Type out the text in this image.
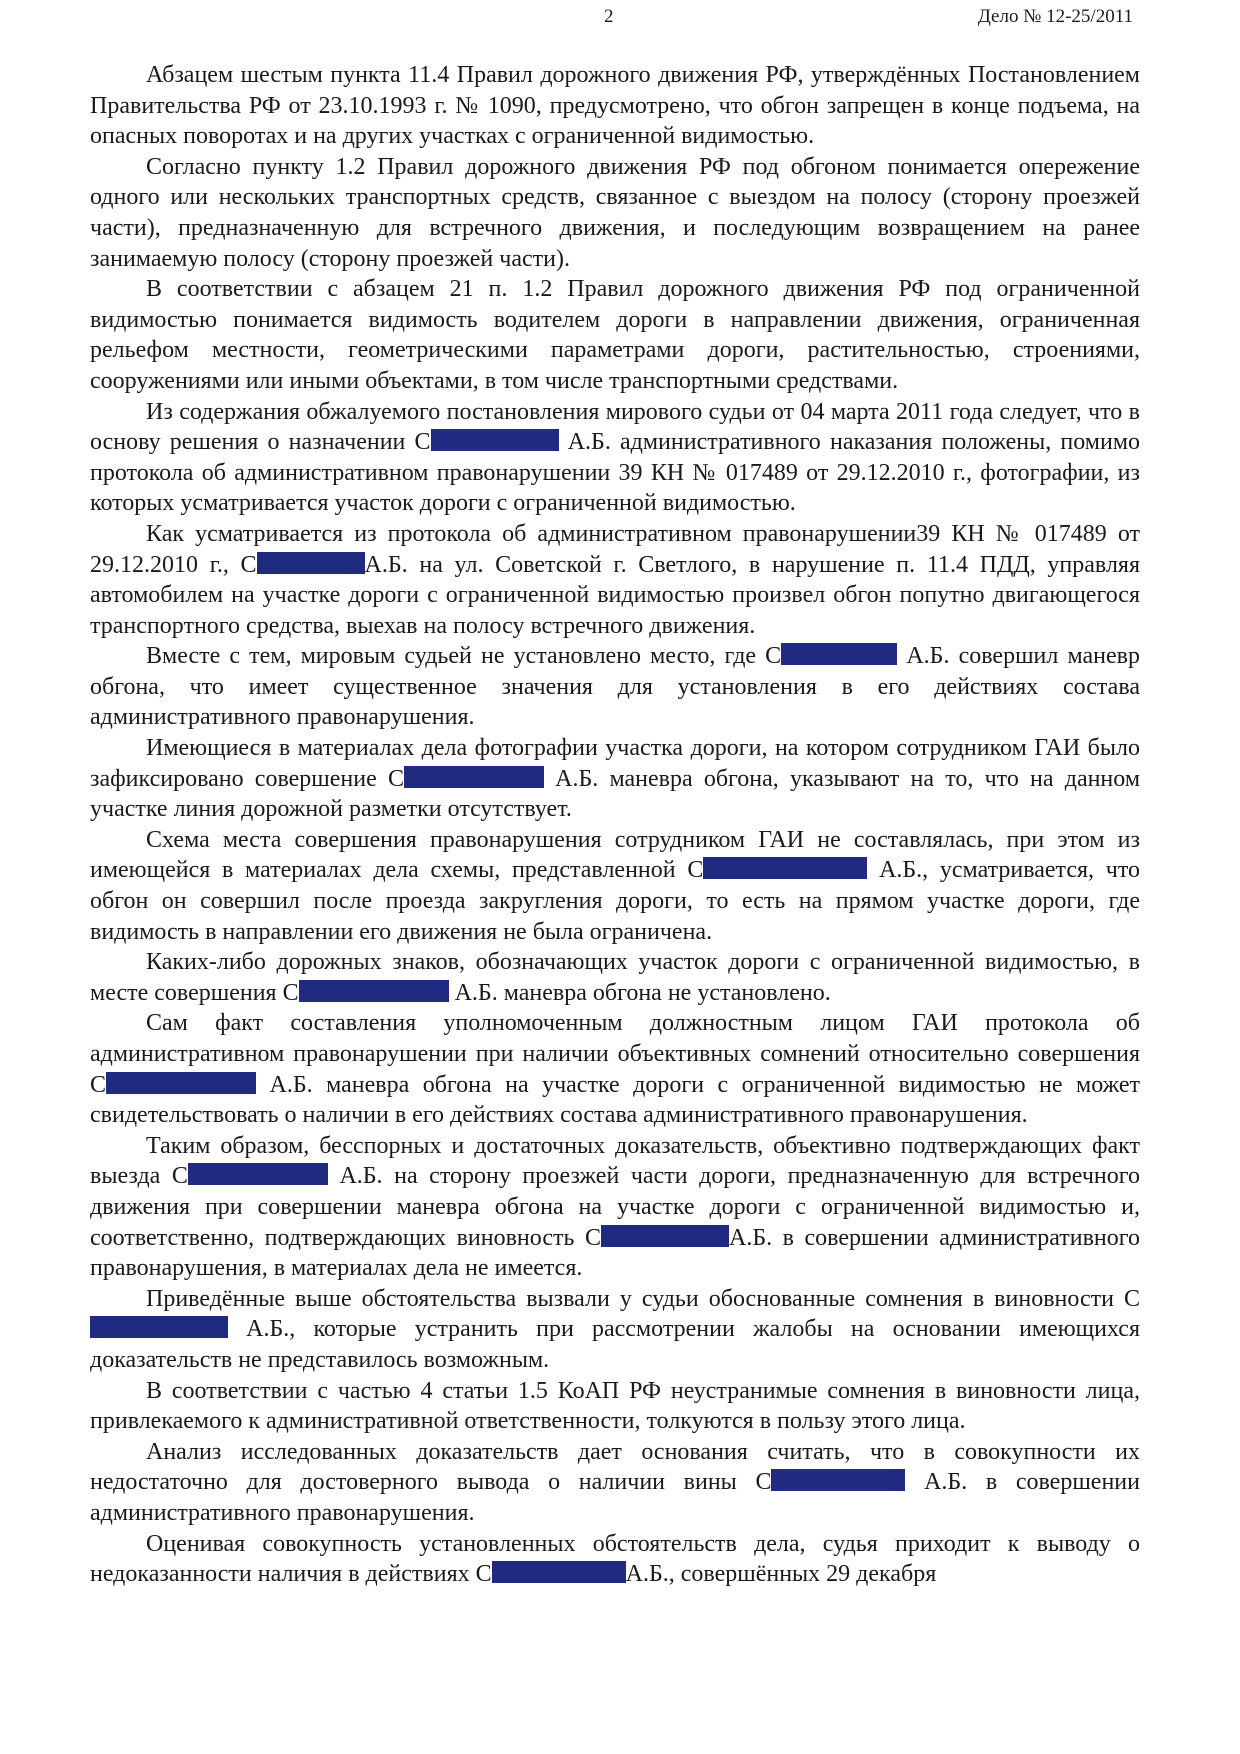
2	Дело № 12-25/2011

Абзацем шестым пункта 11.4 Правил дорожного движения РФ, утверждённых Постановлением Правительства РФ от 23.10.1993 г. № 1090, предусмотрено, что обгон запрещен в конце подъема, на опасных поворотах и на других участках с ограниченной видимостью.

Согласно пункту 1.2 Правил дорожного движения РФ под обгоном понимается опережение одного или нескольких транспортных средств, связанное с выездом на полосу (сторону проезжей части), предназначенную для встречного движения, и последующим возвращением на ранее занимаемую полосу (сторону проезжей части).

В соответствии с абзацем 21 п. 1.2 Правил дорожного движения РФ под ограниченной видимостью понимается видимость водителем дороги в направлении движения, ограниченная рельефом местности, геометрическими параметрами дороги, растительностью, строениями, сооружениями или иными объектами, в том числе транспортными средствами.

Из содержания обжалуемого постановления мирового судьи от 04 марта 2011 года следует, что в основу решения о назначении С	А.Б. административного наказания положены, помимо протокола об административном правонарушении 39 КН № 017489 от 29.12.2010 г., фотографии, из которых усматривается участок дороги с ограниченной видимостью.

Как усматривается из протокола об административном правонарушении39 КН № 017489 от 29.12.2010 г., С	А.Б. на ул. Советской г. Светлого, в нарушение п. 11.4 ПДД, управляя автомобилем на участке дороги с ограниченной видимостью произвел обгон попутно двигающегося транспортного средства, выехав на полосу встречного движения.

Вместе с тем, мировым судьей не установлено место, где С	А.Б. совершил маневр обгона, что имеет существенное значения для установления в его действиях состава административного правонарушения.

Имеющиеся в материалах дела фотографии участка дороги, на котором сотрудником ГАИ было зафиксировано совершение С	А.Б. маневра обгона, указывают на то, что на данном участке линия дорожной разметки отсутствует.

Схема места совершения правонарушения сотрудником ГАИ не составлялась, при этом из имеющейся в материалах дела схемы, представленной С	А.Б., усматривается, что обгон он совершил после проезда закругления дороги, то есть на прямом участке дороги, где видимость в направлении его движения не была ограничена.

Каких-либо дорожных знаков, обозначающих участок дороги с ограниченной видимостью, в месте совершения С	А.Б. маневра обгона не установлено.

Сам факт составления уполномоченным должностным лицом ГАИ протокола об административном правонарушении при наличии объективных сомнений относительно совершения С	А.Б. маневра обгона на участке дороги с ограниченной видимостью не может свидетельствовать о наличии в его действиях состава административного правонарушения.

Таким образом, бесспорных и достаточных доказательств, объективно подтверждающих факт выезда С	А.Б. на сторону проезжей части дороги, предназначенную для встречного движения при совершении маневра обгона на участке дороги с ограниченной видимостью и, соответственно, подтверждающих виновность С	А.Б. в совершении административного правонарушения, в материалах дела не имеется.

Приведённые выше обстоятельства вызвали у судьи обоснованные сомнения в виновности С А.Б., которые устранить при рассмотрении жалобы на основании имеющихся доказательств не представилось возможным.

В соответствии с частью 4 статьи 1.5 КоАП РФ неустранимые сомнения в виновности лица, привлекаемого к административной ответственности, толкуются в пользу этого лица.

Анализ исследованных доказательств дает основания считать, что в совокупности их недостаточно для достоверного вывода о наличии вины С	А.Б. в совершении административного правонарушения.

Оценивая совокупность установленных обстоятельств дела, судья приходит к выводу о недоказанности наличия в действиях С	А.Б., совершённых 29 декабря
